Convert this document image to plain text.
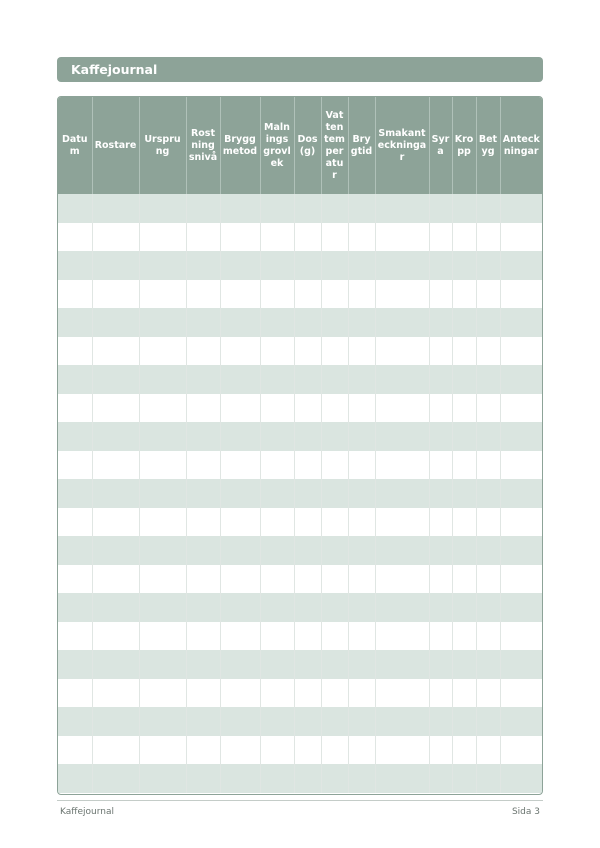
Kaffejournal
Datum	Rostare	Ursprung	Rostningsnivå	Bryggmetod	Malningsgrovlek	Dos (g)	Vattentemperatur	Brygtid	Smakanteckningar	Syra	Kropp	Betyg	Anteckningar

Kaffejournal	Sida 3
